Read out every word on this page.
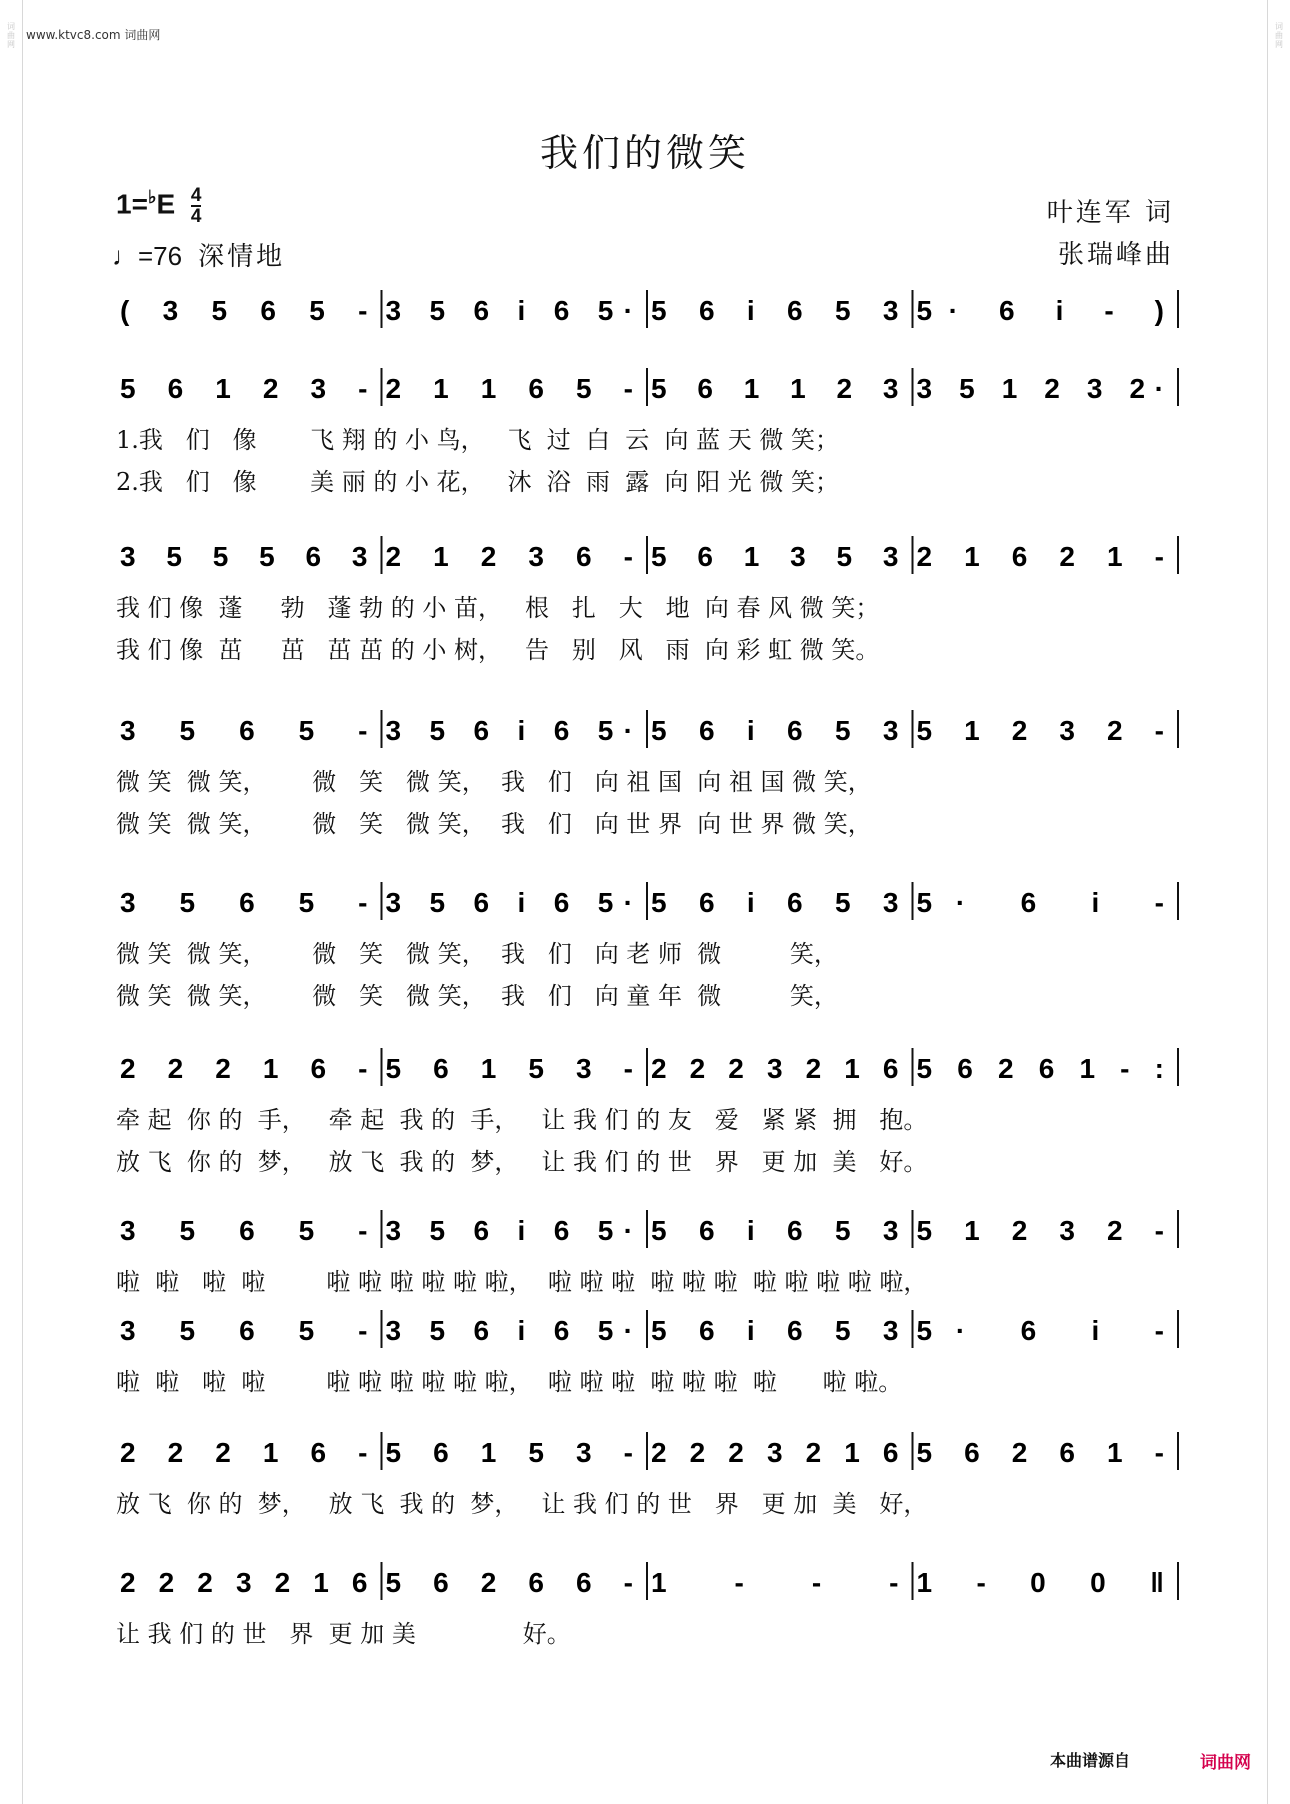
词曲网
词曲网
www.ktvc8.com 词曲网
我们的微笑
$1=^♭E \frac{4}{4}$
♩=76 深情地
叶连军 词
张瑞峰曲
( 3 5 6 5 - 3 5 6 i 6 5· 5 6 i 6 5 3 5· 6 i - )
5 6 1 2 3 - 2 1 1 6 5 - 5 6 1 1 2 3 3 5 1 2 3 2·
3 5 5 5 6 3 2 1 2 3 6 - 5 6 1 3 5 3 2 1 6 2 1 -
3 5 6 5 - 3 5 6 i 6 5· 5 6 i 6 5 3 5 1 2 3 2 -
3 5 6 5 - 3 5 6 i 6 5· 5 6 i 6 5 3 5· 6 i -
2 2 2 1 6 - 5 6 1 5 3 - 2 2 2 3 2 1 6 5 6 2 6 1 - :
3 5 6 5 - 3 5 6 i 6 5· 5 6 i 6 5 3 5 1 2 3 2 -
3 5 6 5 - 3 5 6 i 6 5· 5 6 i 6 5 3 5· 6 i -
2 2 2 1 6 - 5 6 1 5 3 - 2 2 2 3 2 1 6 5 6 2 6 1 -
2 2 2 3 2 1 6 5 6 2 6 6 - 1 - - - 1 - 0 0 ‖
1.我   们   像       飞 翔 的 小 鸟，   飞  过  白  云  向 蓝 天 微 笑；
2.我   们   像       美 丽 的 小 花，   沐  浴  雨  露  向 阳 光 微 笑；
我 们 像  蓬     勃   蓬 勃 的 小 苗，   根   扎   大   地  向 春 风 微 笑；
我 们 像  茁     茁   茁 茁 的 小 树，   告   别   风   雨  向 彩 虹 微 笑。
微 笑  微 笑，      微   笑   微 笑，  我   们   向 祖 国  向 祖 国 微 笑，
微 笑  微 笑，      微   笑   微 笑，  我   们   向 世 界  向 世 界 微 笑，
微 笑  微 笑，      微   笑   微 笑，  我   们   向 老 师  微         笑，
微 笑  微 笑，      微   笑   微 笑，  我   们   向 童 年  微         笑，
牵 起  你 的  手，   牵 起  我 的  手，   让 我 们 的 友   爱   紧 紧  拥   抱。
放 飞  你 的  梦，   放 飞  我 的  梦，   让 我 们 的 世   界   更 加  美   好。
啦  啦   啦  啦        啦 啦 啦 啦 啦 啦，  啦 啦 啦  啦 啦 啦  啦 啦 啦 啦 啦，
啦  啦   啦  啦        啦 啦 啦 啦 啦 啦，  啦 啦 啦  啦 啦 啦  啦      啦 啦。
放 飞  你 的  梦，   放 飞  我 的  梦，   让 我 们 的 世   界   更 加  美   好，
让 我 们 的 世   界  更 加 美              好。
本曲谱源自	词曲网
